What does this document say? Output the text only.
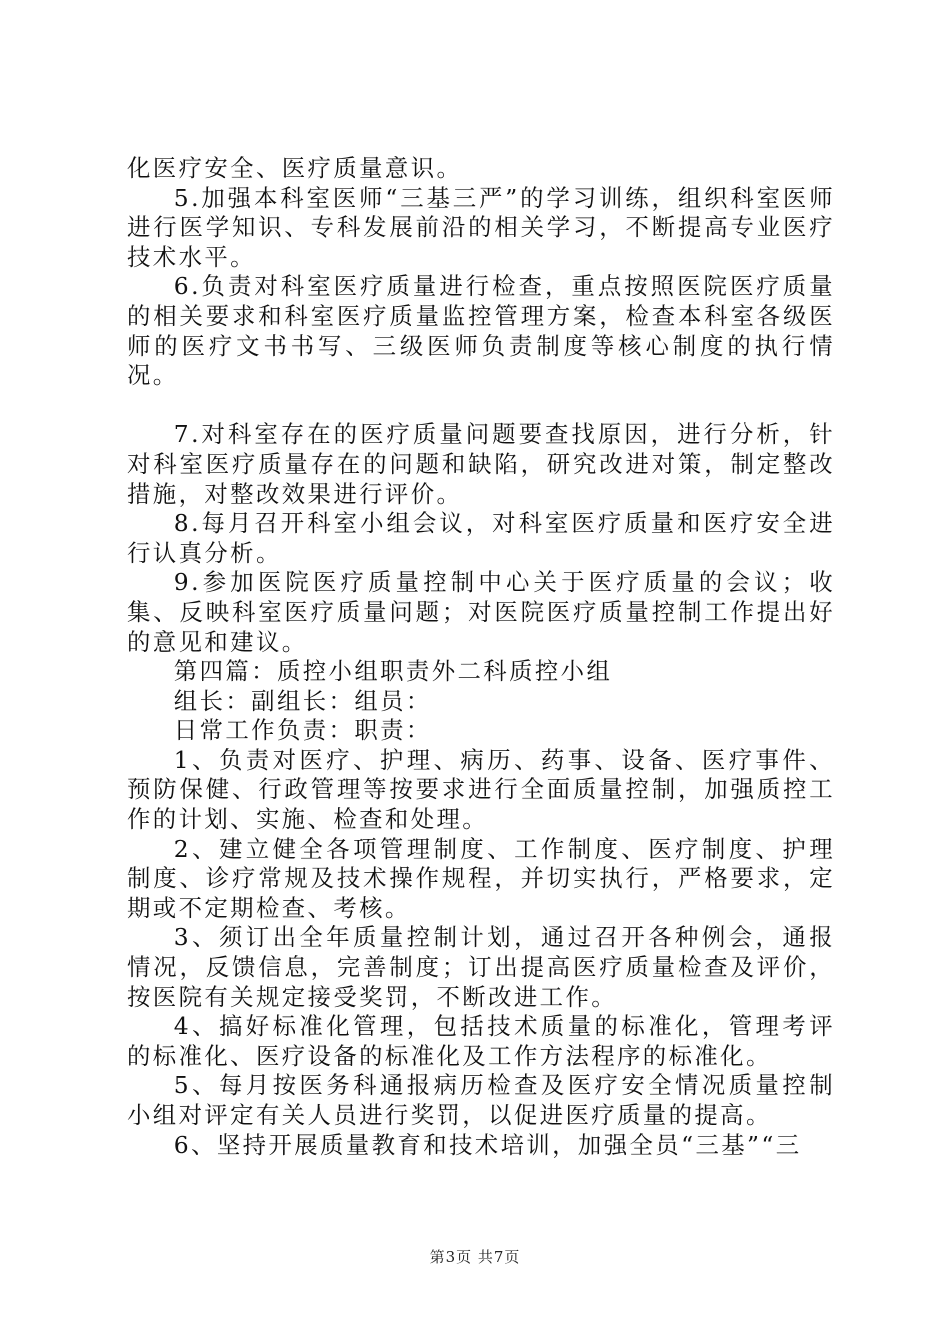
化医疗安全、医疗质量意识。

5.加强本科室医师“三基三严”的学习训练，组织科室医师进行医学知识、专科发展前沿的相关学习，不断提高专业医疗技术水平。

6.负责对科室医疗质量进行检查，重点按照医院医疗质量的相关要求和科室医疗质量监控管理方案，检查本科室各级医师的医疗文书书写、三级医师负责制度等核心制度的执行情况。

7.对科室存在的医疗质量问题要查找原因，进行分析，针对科室医疗质量存在的问题和缺陷，研究改进对策，制定整改措施，对整改效果进行评价。

8.每月召开科室小组会议，对科室医疗质量和医疗安全进行认真分析。

9.参加医院医疗质量控制中心关于医疗质量的会议；收集、反映科室医疗质量问题；对医院医疗质量控制工作提出好的意见和建议。

第四篇：质控小组职责外二科质控小组

组长：副组长：组员：

日常工作负责：职责：

1、负责对医疗、护理、病历、药事、设备、医疗事件、预防保健、行政管理等按要求进行全面质量控制，加强质控工作的计划、实施、检查和处理。

2、建立健全各项管理制度、工作制度、医疗制度、护理制度、诊疗常规及技术操作规程，并切实执行，严格要求，定期或不定期检查、考核。

3、须订出全年质量控制计划，通过召开各种例会，通报情况，反馈信息，完善制度；订出提高医疗质量检查及评价，按医院有关规定接受奖罚，不断改进工作。

4、搞好标准化管理，包括技术质量的标准化，管理考评的标准化、医疗设备的标准化及工作方法程序的标准化。

5、每月按医务科通报病历检查及医疗安全情况质量控制小组对评定有关人员进行奖罚，以促进医疗质量的提高。

6、坚持开展质量教育和技术培训，加强全员“三基”“三

第3页 共7页
